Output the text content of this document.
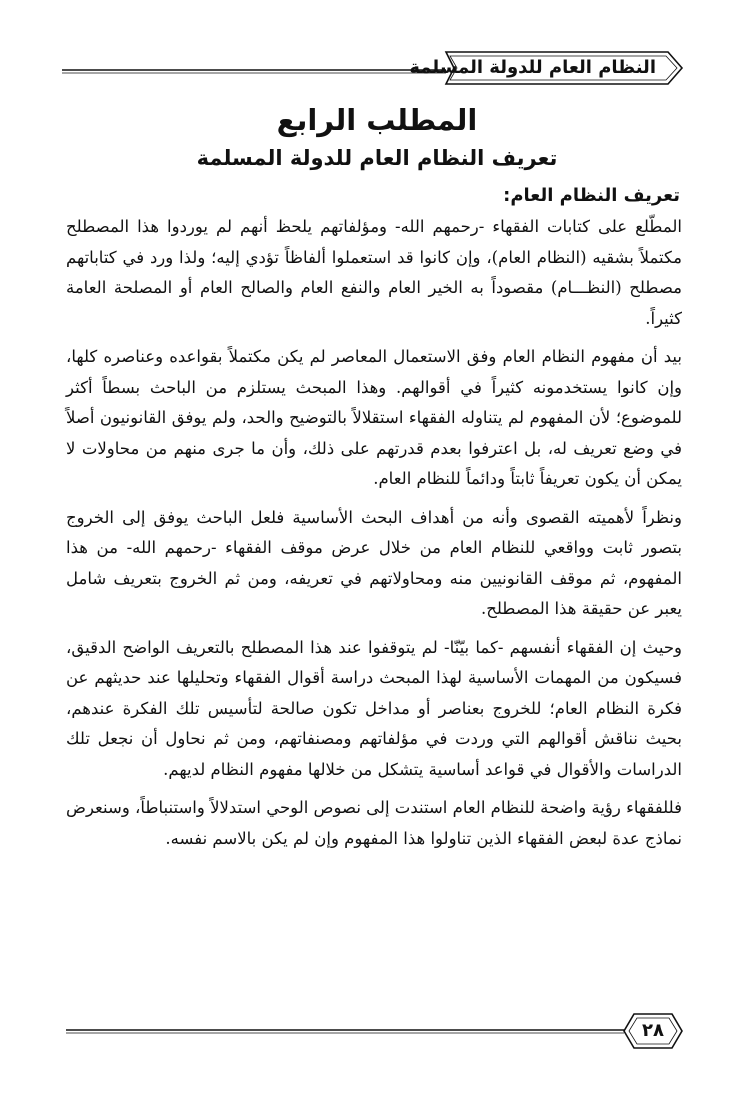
النظام العام للدولة المسلمة
المطلب الرابع
تعريف النظام العام للدولة المسلمة
تعريف النظام العام:

المطّلع على كتابات الفقهاء -رحمهم الله- ومؤلفاتهم يلحظ أنهم لم يوردوا هذا المصطلح مكتملاً بشقيه (النظام العام)، وإن كانوا قد استعملوا ألفاظاً تؤدي إليه؛ ولذا ورد في كتاباتهم مصطلح (النظـــام) مقصوداً به الخير العام والنفع العام والصالح العام أو المصلحة العامة كثيراً.

بيد أن مفهوم النظام العام وفق الاستعمال المعاصر لم يكن مكتملاً بقواعده وعناصره كلها، وإن كانوا يستخدمونه كثيراً في أقوالهم. وهذا المبحث يستلزم من الباحث بسطاً أكثر للموضوع؛ لأن المفهوم لم يتناوله الفقهاء استقلالاً بالتوضيح والحد، ولم يوفق القانونيون أصلاً في وضع تعريف له، بل اعترفوا بعدم قدرتهم على ذلك، وأن ما جرى منهم من محاولات لا يمكن أن يكون تعريفاً ثابتاً ودائماً للنظام العام.

ونظراً لأهميته القصوى وأنه من أهداف البحث الأساسية فلعل الباحث يوفق إلى الخروج بتصور ثابت وواقعي للنظام العام من خلال عرض موقف الفقهاء -رحمهم الله- من هذا المفهوم، ثم موقف القانونيين منه ومحاولاتهم في تعريفه، ومن ثم الخروج بتعريف شامل يعبر عن حقيقة هذا المصطلح.

وحيث إن الفقهاء أنفسهم -كما بيّنّا- لم يتوقفوا عند هذا المصطلح بالتعريف الواضح الدقيق، فسيكون من المهمات الأساسية لهذا المبحث دراسة أقوال الفقهاء وتحليلها عند حديثهم عن فكرة النظام العام؛ للخروج بعناصر أو مداخل تكون صالحة لتأسيس تلك الفكرة عندهم، بحيث نناقش أقوالهم التي وردت في مؤلفاتهم ومصنفاتهم، ومن ثم نحاول أن نجعل تلك الدراسات والأقوال في قواعد أساسية يتشكل من خلالها مفهوم النظام لديهم.

فللفقهاء رؤية واضحة للنظام العام استندت إلى نصوص الوحي استدلالاً واستنباطاً، وسنعرض نماذج عدة لبعض الفقهاء الذين تناولوا هذا المفهوم وإن لم يكن بالاسم نفسه.

٢٨
